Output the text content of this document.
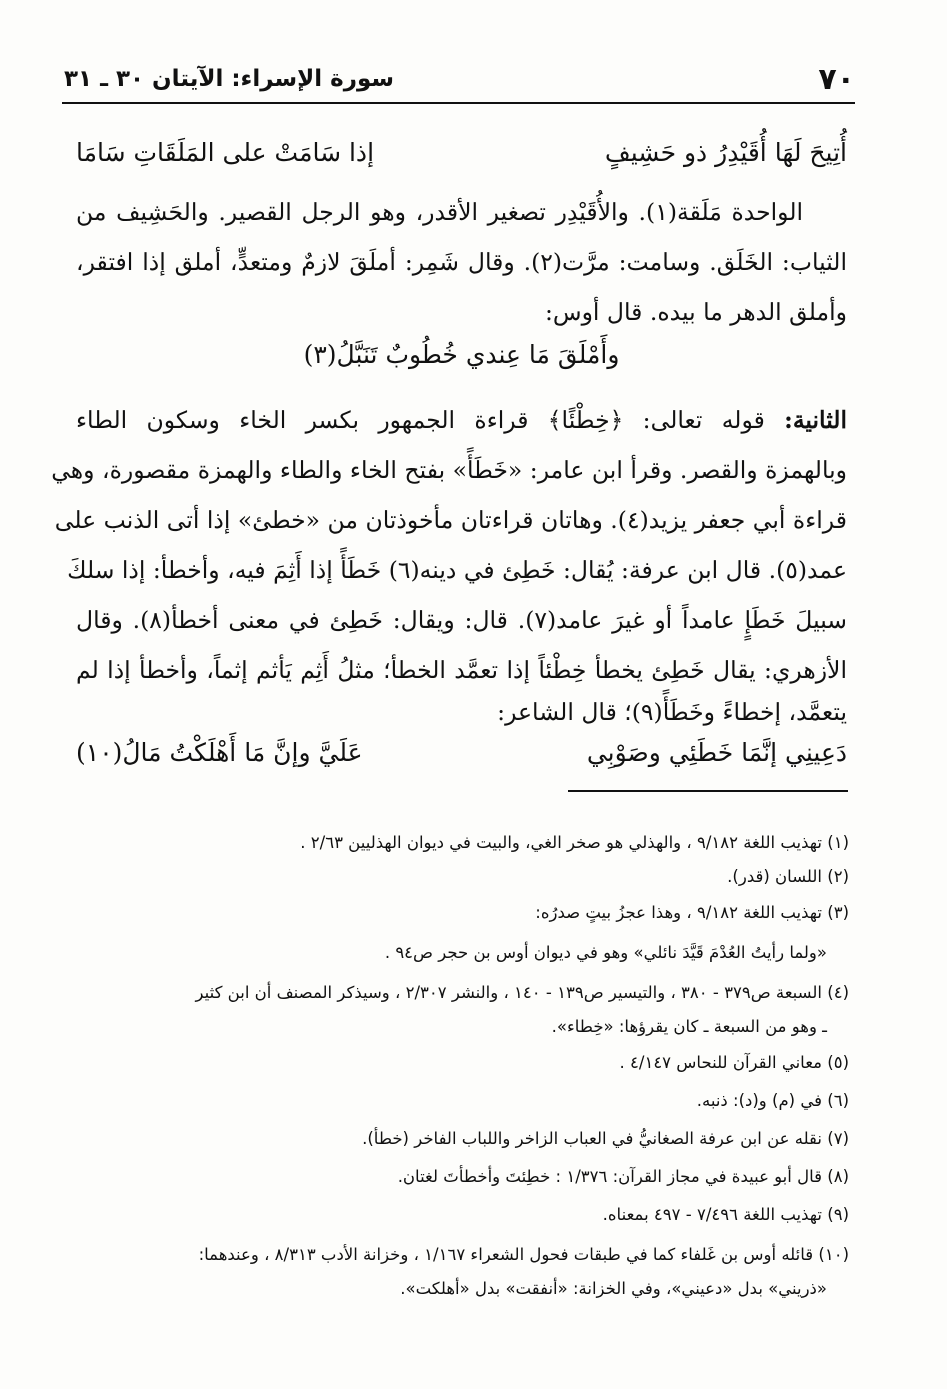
٧٠
سورة الإسراء: الآيتان ٣٠ ـ ٣١
أُتِيحَ لَهَا أُقَيْدِرُ ذو حَشِيفٍ
إذا سَامَتْ على المَلَقَاتِ سَامَا
الواحدة مَلَقة(١). والأُقَيْدِر تصغير الأقدر، وهو الرجل القصير. والحَشِيف من
الثياب: الخَلَق. وسامت: مرَّت(٢). وقال شَمِر: أملَقَ لازمٌ ومتعدٍّ، أملق إذا افتقر،
وأملق الدهر ما بيده. قال أوس:
وأَمْلَقَ مَا عِندي خُطُوبٌ تَنَبَّلُ(٣)
الثانية: قوله تعالى: ﴿خِطْئًا﴾ قراءة الجمهور بكسر الخاء وسكون الطاء
وبالهمزة والقصر. وقرأ ابن عامر: «خَطَأً» بفتح الخاء والطاء والهمزة مقصورة، وهي
قراءة أبي جعفر يزيد(٤). وهاتان قراءتان مأخوذتان من «خطئ» إذا أتى الذنب على
عمد(٥). قال ابن عرفة: يُقال: خَطِئ في دينه(٦) خَطَأً إذا أَثِمَ فيه، وأخطأ: إذا سلكَ
سبيلَ خَطَإٍ عامداً أو غيرَ عامد(٧). قال: ويقال: خَطِئ في معنى أخطأ(٨). وقال
الأزهري: يقال خَطِئ يخطأ خِطْئاً إذا تعمَّد الخطأ؛ مثلُ أَثِم يَأثم إثماً، وأخطأ إذا لم
يتعمَّد، إخطاءً وخَطَأً(٩)؛ قال الشاعر:
دَعِينِي إنَّمَا خَطَئِي وصَوْبِي
عَلَيَّ وإنَّ مَا أَهْلَكْتُ مَالُ(١٠)
(١) تهذيب اللغة ٩/١٨٢ ، والهذلي هو صخر الغي، والبيت في ديوان الهذليين ٢/٦٣ .
(٢) اللسان (قدر).
(٣) تهذيب اللغة ٩/١٨٢ ، وهذا عجزُ بيتٍ صدرُه:
«ولما رأيتُ العُدْمَ قَيَّدَ نائلي» وهو في ديوان أوس بن حجر ص٩٤ .
(٤) السبعة ص٣٧٩ - ٣٨٠ ، والتيسير ص١٣٩ - ١٤٠ ، والنشر ٢/٣٠٧ ، وسيذكر المصنف أن ابن كثير
ـ وهو من السبعة ـ كان يقرؤها: «خِطاء».
(٥) معاني القرآن للنحاس ٤/١٤٧ .
(٦) في (م) و(د): ذنبه.
(٧) نقله عن ابن عرفة الصغانيُّ في العباب الزاخر واللباب الفاخر (خطأ).
(٨) قال أبو عبيدة في مجاز القرآن: ١/٣٧٦ : خطِئتَ وأخطأتَ لغتان.
(٩) تهذيب اللغة ٧/٤٩٦ - ٤٩٧ بمعناه.
(١٠) قائله أوس بن غَلفاء كما في طبقات فحول الشعراء ١/١٦٧ ، وخزانة الأدب ٨/٣١٣ ، وعندهما:
«ذريني» بدل «دعيني»، وفي الخزانة: «أنفقت» بدل «أهلكت».
